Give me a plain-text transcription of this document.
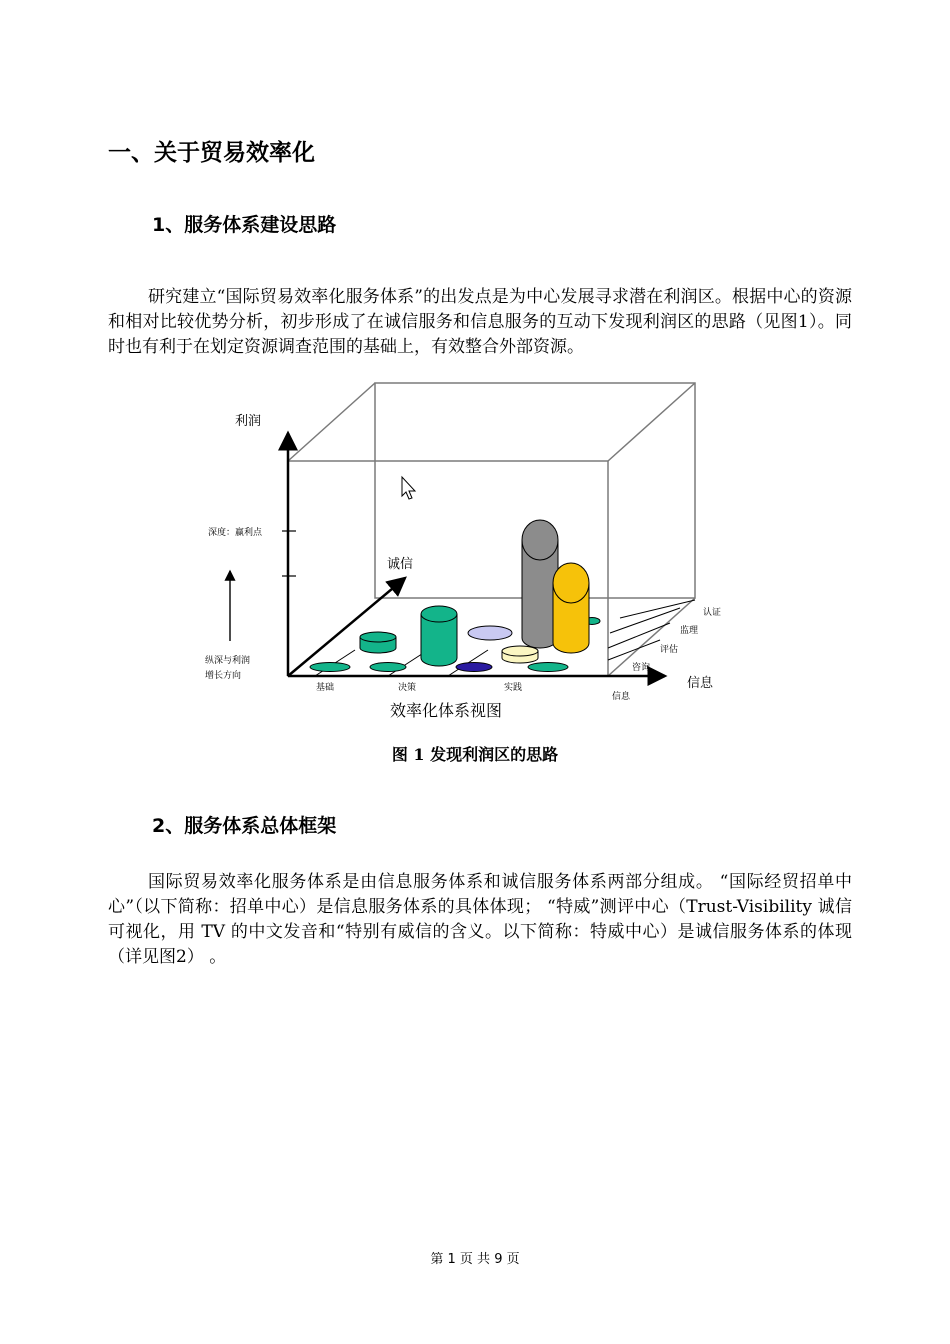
一、关于贸易效率化
1、服务体系建设思路

研究建立“国际贸易效率化服务体系”的出发点是为中心发展寻求潜在利润区。根据中心的资源和相对比较优势分析，初步形成了在诚信服务和信息服务的互动下发现利润区的思路（见图1）。同时也有利于在划定资源调查范围的基础上，有效整合外部资源。

利润
深度：赢利点
纵深与利润
增长方向
诚信
信息
基础	决策	实践
认证
监理
评估
咨询
信息
效率化体系视图

图 1 发现利润区的思路

2、服务体系总体框架

国际贸易效率化服务体系是由信息服务体系和诚信服务体系两部分组成。 “国际经贸招单中心”（以下简称：招单中心）是信息服务体系的具体体现； “特威”测评中心（Trust-Visibility 诚信可视化，用 TV 的中文发音和“特别有威信的含义。以下简称：特威中心）是诚信服务体系的体现（详见图2） 。

第 1 页 共 9 页
